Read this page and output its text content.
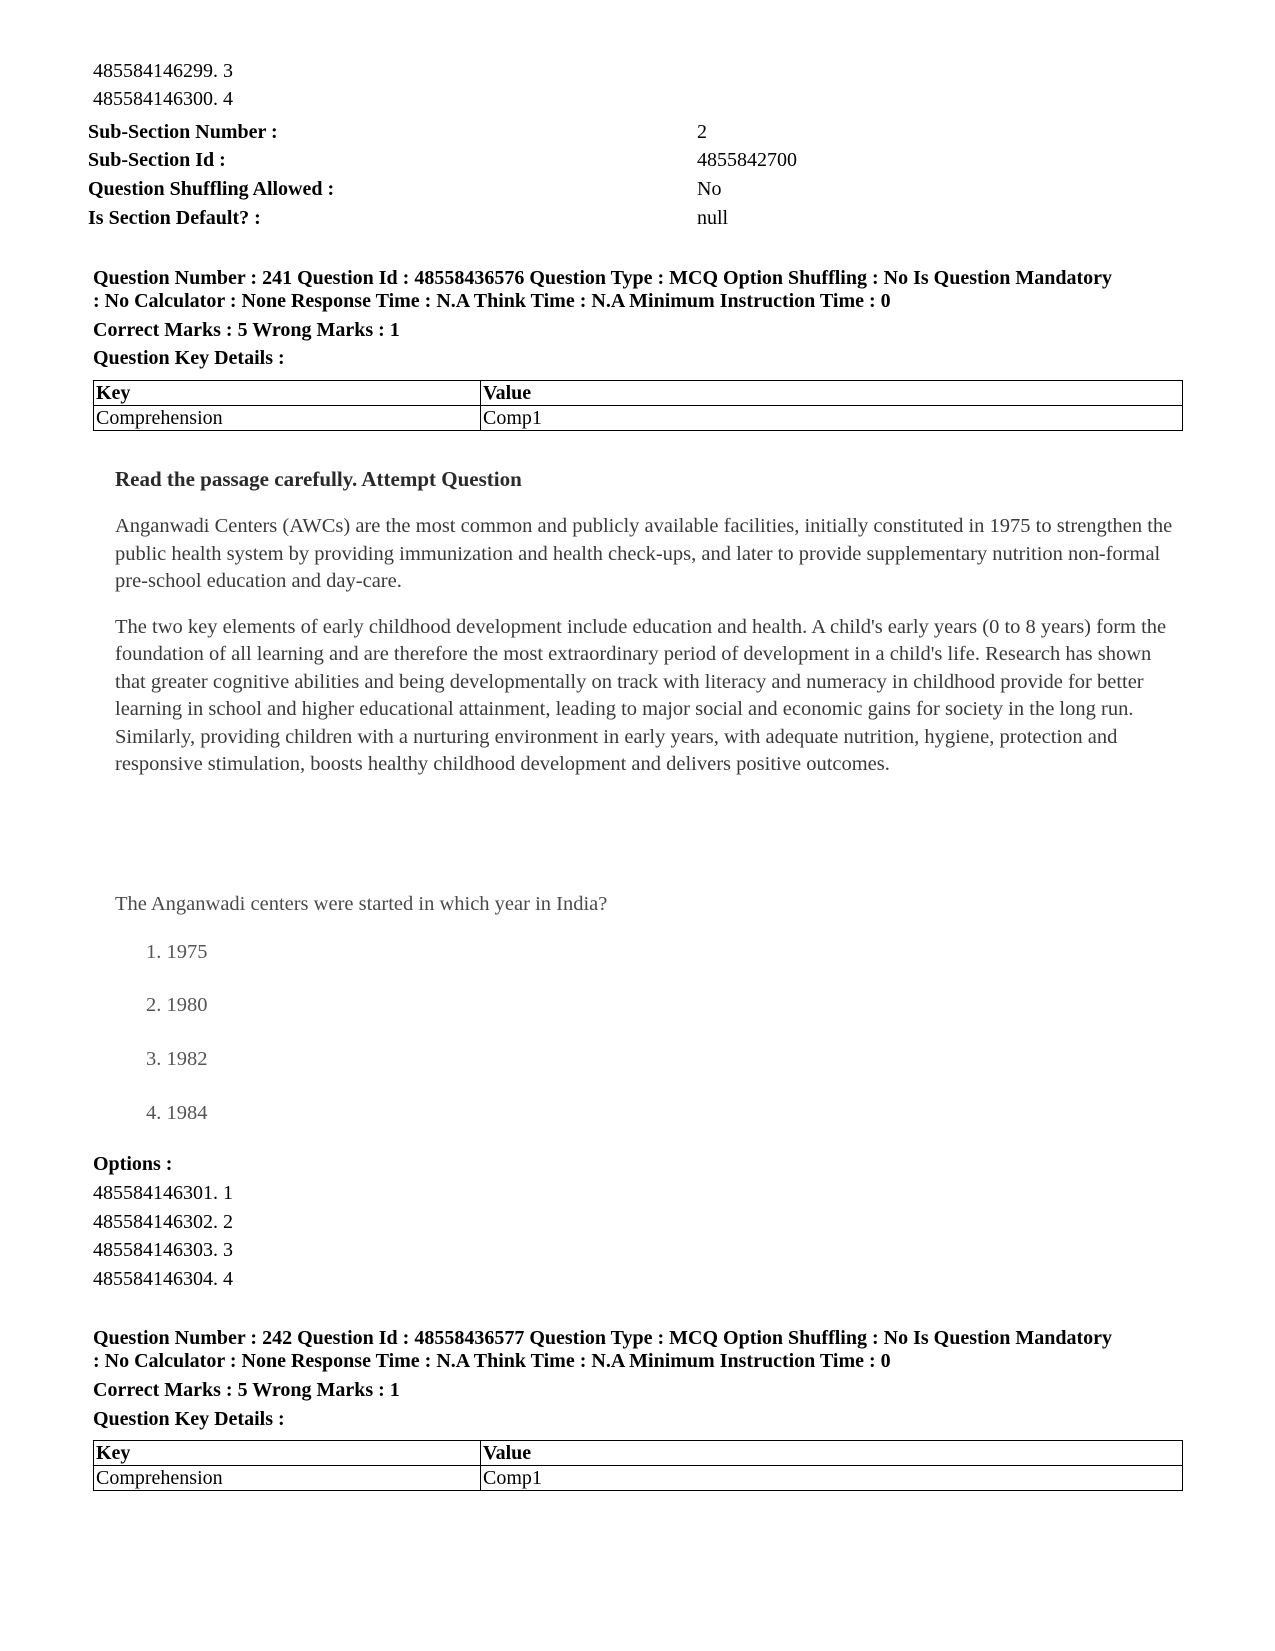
485584146299. 3
485584146300. 4
Sub-Section Number :	2
Sub-Section Id :	4855842700
Question Shuffling Allowed :	No
Is Section Default? :	null
Question Number : 241 Question Id : 48558436576 Question Type : MCQ Option Shuffling : No Is Question Mandatory
: No Calculator : None Response Time : N.A Think Time : N.A Minimum Instruction Time : 0
Correct Marks : 5 Wrong Marks : 1
Question Key Details :
Key	Value
Comprehension	Comp1
Read the passage carefully. Attempt Question

Anganwadi Centers (AWCs) are the most common and publicly available facilities, initially constituted in 1975 to strengthen the public health system by providing immunization and health check-ups, and later to provide supplementary nutrition non-formal pre-school education and day-care.

The two key elements of early childhood development include education and health. A child's early years (0 to 8 years) form the foundation of all learning and are therefore the most extraordinary period of development in a child's life. Research has shown that greater cognitive abilities and being developmentally on track with literacy and numeracy in childhood provide for better learning in school and higher educational attainment, leading to major social and economic gains for society in the long run. Similarly, providing children with a nurturing environment in early years, with adequate nutrition, hygiene, protection and responsive stimulation, boosts healthy childhood development and delivers positive outcomes.

The Anganwadi centers were started in which year in India?
1. 1975
2. 1980
3. 1982
4. 1984
Options :
485584146301. 1
485584146302. 2
485584146303. 3
485584146304. 4
Question Number : 242 Question Id : 48558436577 Question Type : MCQ Option Shuffling : No Is Question Mandatory
: No Calculator : None Response Time : N.A Think Time : N.A Minimum Instruction Time : 0
Correct Marks : 5 Wrong Marks : 1
Question Key Details :
Key	Value
Comprehension	Comp1
